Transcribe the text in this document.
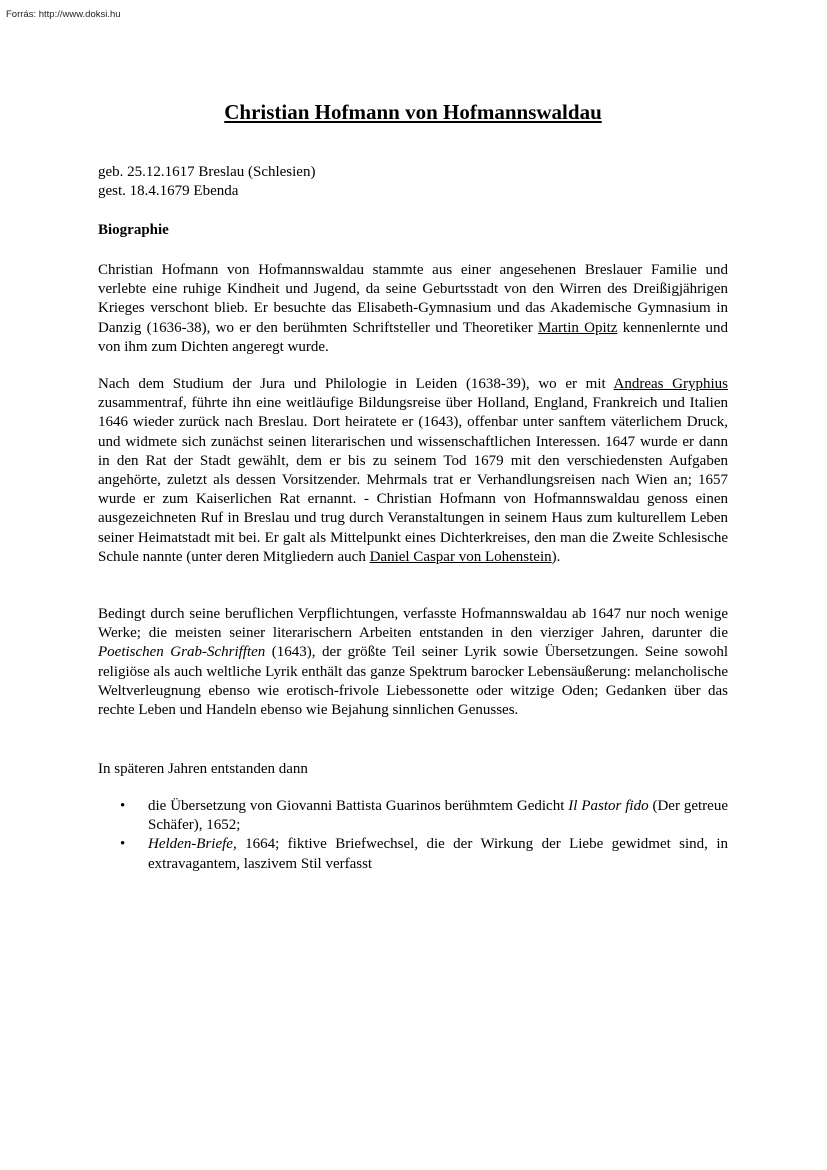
Forrás: http://www.doksi.hu
Christian Hofmann von Hofmannswaldau
geb. 25.12.1617 Breslau (Schlesien)
gest. 18.4.1679 Ebenda
Biographie

Christian Hofmann von Hofmannswaldau stammte aus einer angesehenen Breslauer Familie und verlebte eine ruhige Kindheit und Jugend, da seine Geburtsstadt von den Wirren des Dreißigjährigen Krieges verschont blieb. Er besuchte das Elisabeth-Gymnasium und das Akademische Gymnasium in Danzig (1636-38), wo er den berühmten Schriftsteller und Theoretiker Martin Opitz kennenlernte und von ihm zum Dichten angeregt wurde.

Nach dem Studium der Jura und Philologie in Leiden (1638-39), wo er mit Andreas Gryphius zusammentraf, führte ihn eine weitläufige Bildungsreise über Holland, England, Frankreich und Italien 1646 wieder zurück nach Breslau. Dort heiratete er (1643), offenbar unter sanftem väterlichem Druck, und widmete sich zunächst seinen literarischen und wissenschaftlichen Interessen. 1647 wurde er dann in den Rat der Stadt gewählt, dem er bis zu seinem Tod 1679 mit den verschiedensten Aufgaben angehörte, zuletzt als dessen Vorsitzender. Mehrmals trat er Verhandlungsreisen nach Wien an; 1657 wurde er zum Kaiserlichen Rat ernannt. - Christian Hofmann von Hofmannswaldau genoss einen ausgezeichneten Ruf in Breslau und trug durch Veranstaltungen in seinem Haus zum kulturellem Leben seiner Heimatstadt mit bei. Er galt als Mittelpunkt eines Dichterkreises, den man die Zweite Schlesische Schule nannte (unter deren Mitgliedern auch Daniel Caspar von Lohenstein).

Bedingt durch seine beruflichen Verpflichtungen, verfasste Hofmannswaldau ab 1647 nur noch wenige Werke; die meisten seiner literarischern Arbeiten entstanden in den vierziger Jahren, darunter die Poetischen Grab-Schrifften (1643), der größte Teil seiner Lyrik sowie Übersetzungen. Seine sowohl religiöse als auch weltliche Lyrik enthält das ganze Spektrum barocker Lebensäußerung: melancholische Weltverleugnung ebenso wie erotisch-frivole Liebessonette oder witzige Oden; Gedanken über das rechte Leben und Handeln ebenso wie Bejahung sinnlichen Genusses.

In späteren Jahren entstanden dann

• die Übersetzung von Giovanni Battista Guarinos berühmtem Gedicht Il Pastor fido (Der getreue Schäfer), 1652;
• Helden-Briefe, 1664; fiktive Briefwechsel, die der Wirkung der Liebe gewidmet sind, in extravagantem, laszivem Stil verfasst
